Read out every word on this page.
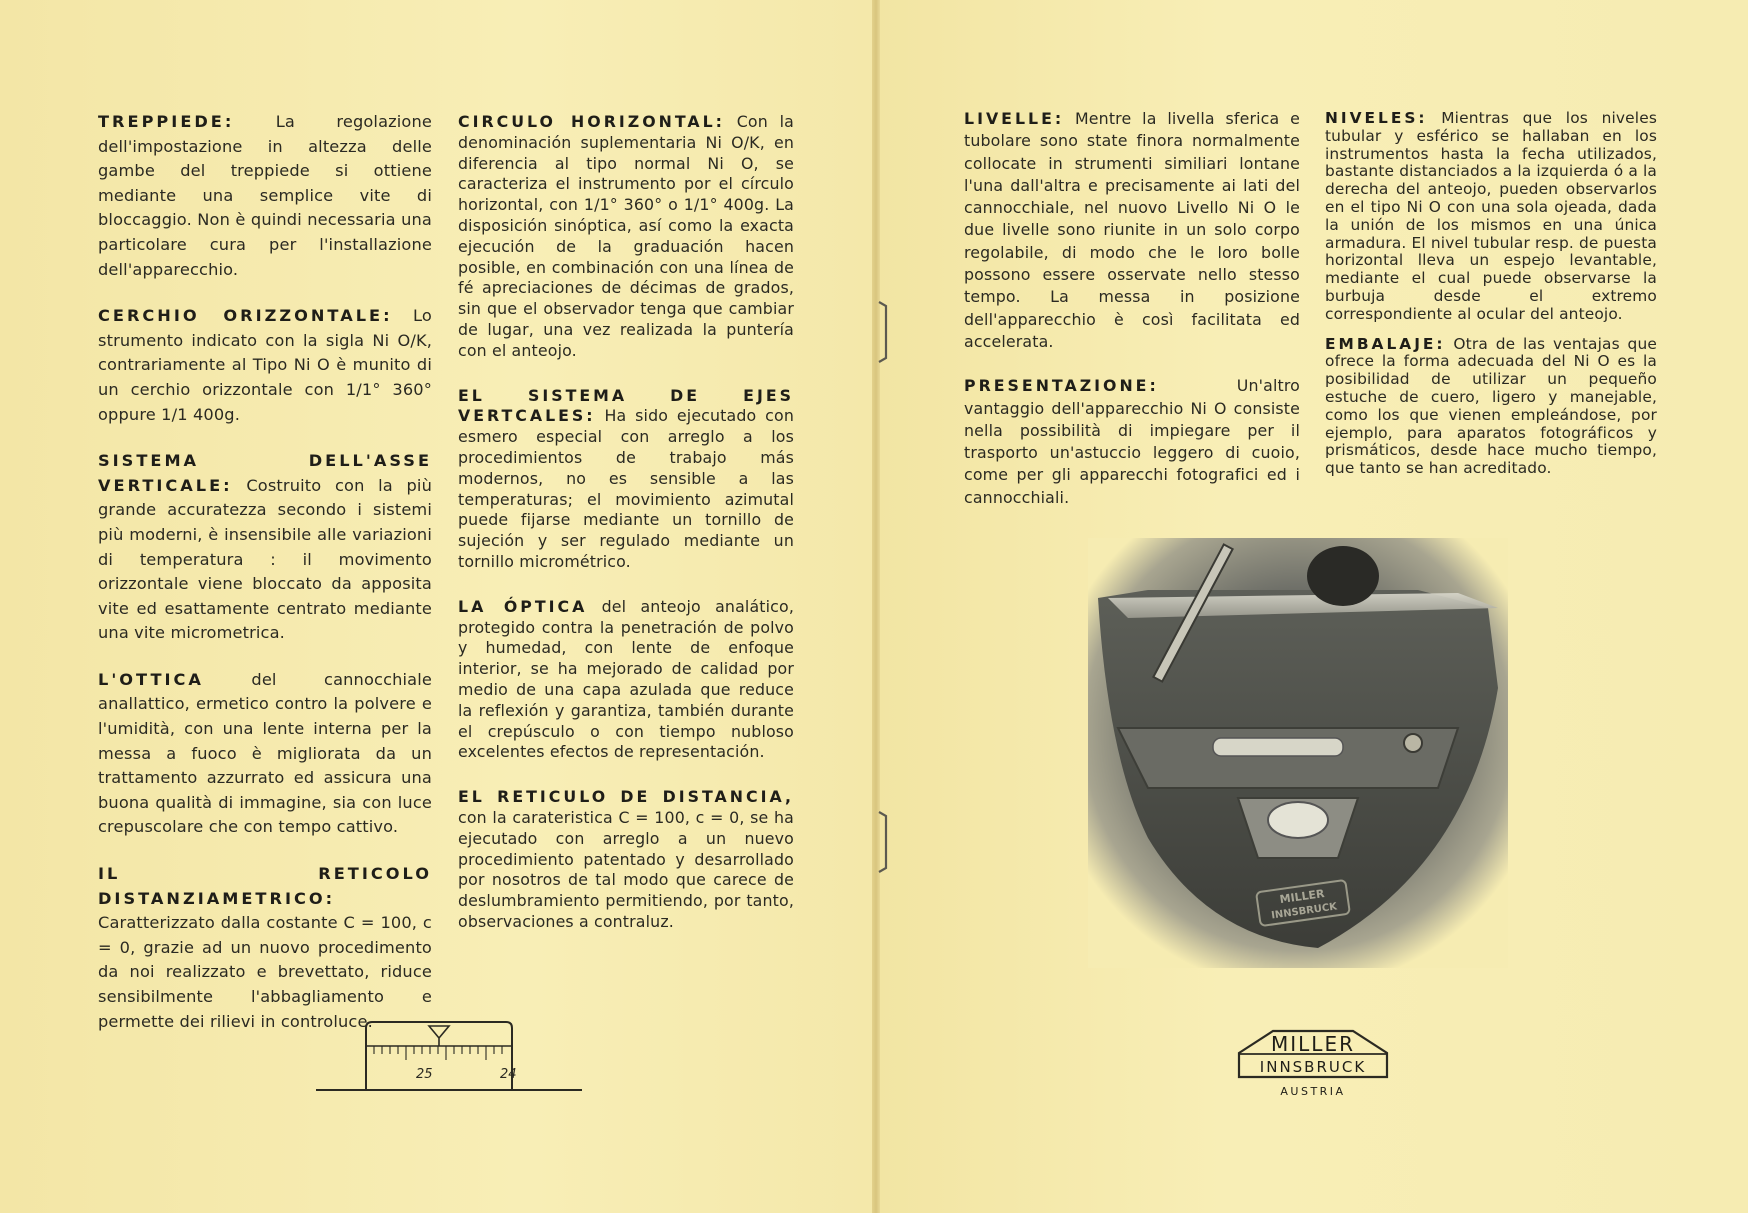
TREPPIEDE:	La regolazione dell'impostazione in altezza delle gambe del treppiede si ottiene mediante una semplice vite di bloccaggio. Non è quindi necessaria una particolare cura per l'installazione dell'apparecchio.

CERCHIO ORIZZONTALE: Lo strumento indicato con la sigla Ni O/K, contrariamente al Tipo Ni O è munito di un cerchio orizzontale con 1/1° 360° oppure 1/1 400g.

SISTEMA DELL'ASSE VERTICALE: Costruito con la più grande accuratezza secondo i sistemi più moderni, è insensibile alle variazioni di temperatura : il movimento orizzontale viene bloccato da apposita vite ed esattamente centrato mediante una vite micrometrica.

L'OTTICA	del cannocchiale anallattico, ermetico contro la polvere e l'umidità, con una lente interna per la messa a fuoco è migliorata da un trattamento azzurrato ed assicura una buona qualità di immagine, sia con luce crepuscolare che con tempo cattivo.

IL RETICOLO DISTANZIAMETRICO: Caratterizzato dalla costante C = 100, c = 0, grazie ad un nuovo procedimento da noi realizzato e brevettato, riduce sensibilmente l'abbagliamento e permette dei rilievi in controluce.

CIRCULO HORIZONTAL: Con la denominación suplementaria Ni O/K, en diferencia al tipo normal Ni O, se caracteriza el instrumento por el círculo horizontal, con 1/1° 360° o 1/1° 400g. La disposición sinóptica, así como la exacta ejecución de la graduación hacen posible, en combinación con una línea de fé apreciaciones de décimas de grados, sin que el observador tenga que cambiar de lugar, una vez realizada la puntería con el anteojo.

EL SISTEMA DE EJES VERTCALES: Ha sido ejecutado con esmero especial con arreglo a los procedimientos de trabajo más modernos, no es sensible a las temperaturas; el movimiento azimutal puede fijarse mediante un tornillo de sujeción y ser regulado mediante un tornillo micrométrico.

LA ÓPTICA del anteojo analático, protegido contra la penetración de polvo y humedad, con lente de enfoque interior, se ha mejorado de calidad por medio de una capa azulada que reduce la reflexión y garantiza, también durante el crepúsculo o con tiempo nubloso excelentes efectos de representación.

EL RETICULO DE DISTANCIA, con la carateristica C = 100, c = 0, se ha ejecutado con arreglo a un nuevo procedimiento patentado y desarrollado por nosotros de tal modo que carece de deslumbramiento permitiendo, por tanto, observaciones a contraluz.

25	24

LIVELLE: Mentre la livella sferica e tubolare sono state finora normalmente collocate in strumenti similiari lontane l'una dall'altra e precisamente ai lati del cannocchiale, nel nuovo Livello Ni O le due livelle sono riunite in un solo corpo regolabile, di modo che le loro bolle possono essere osservate nello stesso tempo. La messa in posizione dell'apparecchio è così facilitata ed accelerata.

PRESENTAZIONE:	Un'altro vantaggio dell'apparecchio Ni O consiste nella possibilità di impiegare per il trasporto un'astuccio leggero di cuoio, come per gli apparecchi fotografici ed i cannocchiali.

NIVELES: Mientras que los niveles tubular y esférico se hallaban en los instrumentos hasta la fecha utilizados, bastante distanciados a la izquierda ó a la derecha del anteojo, pueden observarlos en el tipo Ni O con una sola ojeada, dada la unión de los mismos en una única armadura. El nivel tubular resp. de puesta horizontal lleva un espejo levantable, mediante el cual puede observarse la burbuja desde el extremo correspondiente al ocular del anteojo.

EMBALAJE: Otra de las ventajas que ofrece la forma adecuada del Ni O es la posibilidad de utilizar un pequeño estuche de cuero, ligero y manejable, como los que vienen empleándose, por ejemplo, para aparatos fotográficos y prismáticos, desde hace mucho tiempo, que tanto se han acreditado.

MILLER
INNSBRUCK
MILLER
INNSBRUCK
AUSTRIA
